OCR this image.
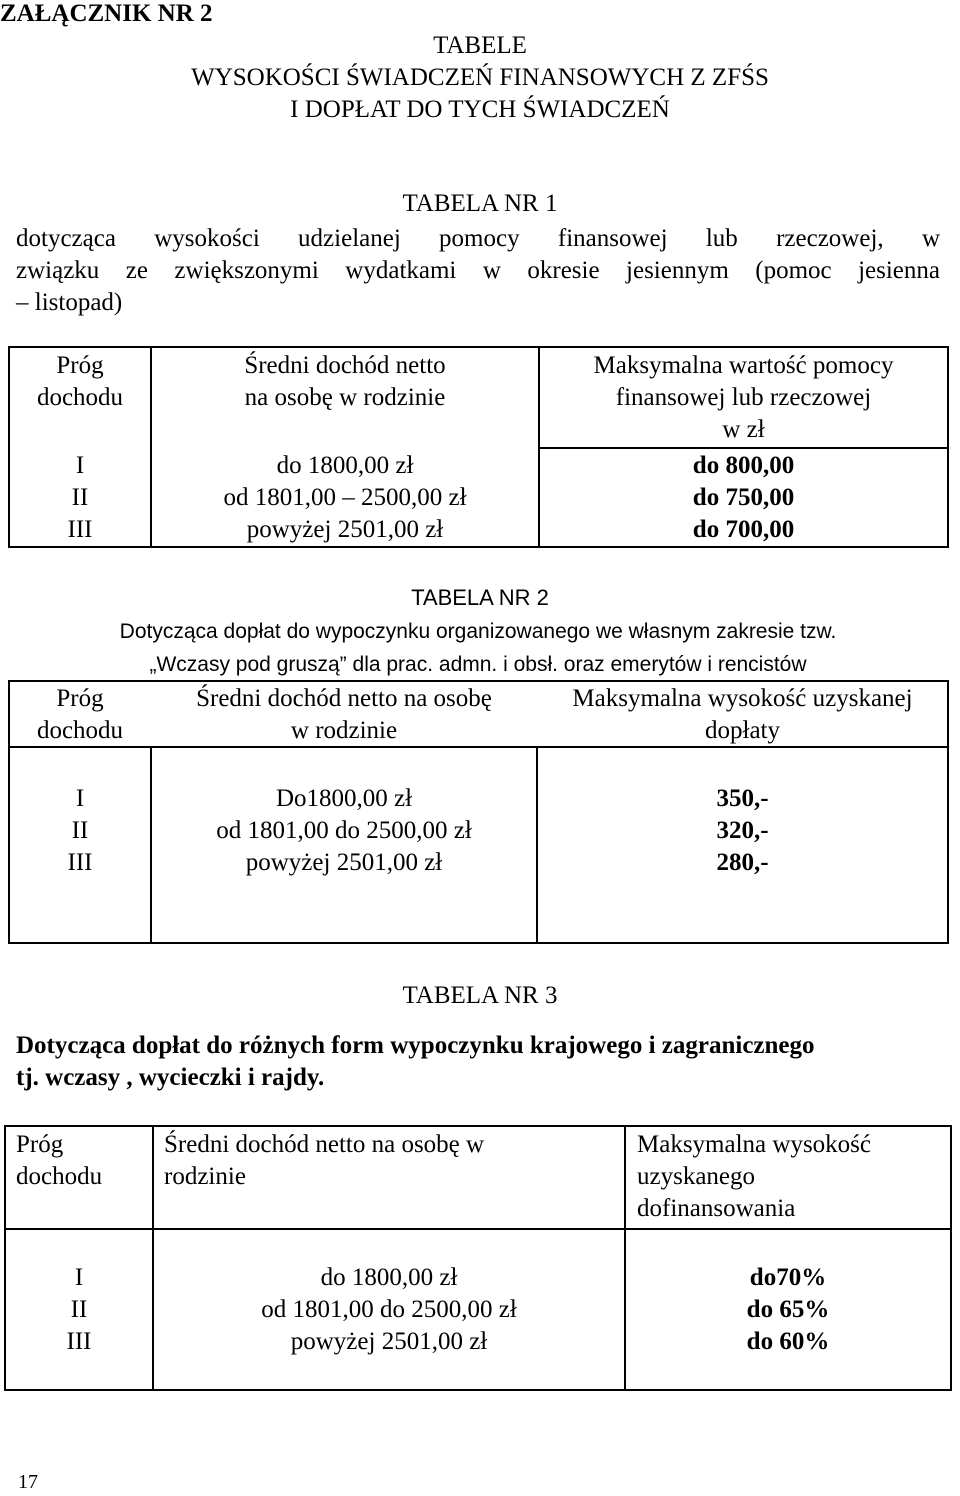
ZAŁĄCZNIK NR 2
TABELE
WYSOKOŚCI ŚWIADCZEŃ FINANSOWYCH Z ZFŚS
I DOPŁAT DO TYCH ŚWIADCZEŃ
TABELA NR 1
dotycząca wysokości udzielanej pomocy finansowej lub rzeczowej, w
związku ze zwiększonymi wydatkami w okresie jesiennym (pomoc jesienna
– listopad)
Próg
dochodu
Średni dochód netto
na osobę w rodzinie
Maksymalna wartość pomocy
finansowej lub rzeczowej
w zł
I
II
III
do 1800,00 zł
od 1801,00 – 2500,00 zł
powyżej 2501,00 zł
do 800,00
do 750,00
do 700,00
TABELA NR 2
Dotycząca dopłat do wypoczynku organizowanego we własnym zakresie tzw.
„Wczasy pod gruszą” dla prac. admn. i obsł. oraz emerytów i rencistów
Próg
dochodu
Średni dochód netto na osobę
w rodzinie
Maksymalna wysokość uzyskanej
dopłaty
I
II
III
Do1800,00 zł
od 1801,00 do 2500,00 zł
powyżej 2501,00 zł
350,-
320,-
280,-
TABELA NR 3
Dotycząca dopłat do różnych form wypoczynku krajowego i zagranicznego
tj. wczasy , wycieczki i rajdy.
Próg
dochodu
Średni dochód netto na osobę w
rodzinie
Maksymalna wysokość
uzyskanego
dofinansowania
I
II
III
do 1800,00 zł
od 1801,00 do 2500,00 zł
powyżej 2501,00 zł
do70%
do 65%
do 60%
17
